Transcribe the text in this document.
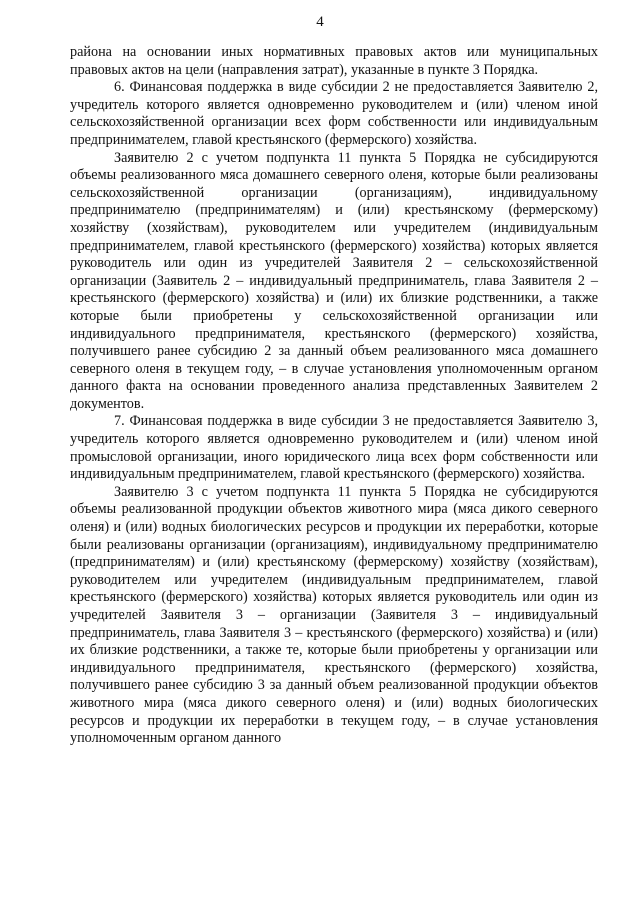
4

района на основании иных нормативных правовых актов или муниципальных правовых актов на цели (направления затрат), указанные в пункте 3 Порядка.

6. Финансовая поддержка в виде субсидии 2 не предоставляется Заявителю 2, учредитель которого является одновременно руководителем и (или) членом иной сельскохозяйственной организации всех форм собственности или индивидуальным предпринимателем, главой крестьянского (фермерского) хозяйства.

Заявителю 2 с учетом подпункта 11 пункта 5 Порядка не субсидируются объемы реализованного мяса домашнего северного оленя, которые были реализованы сельскохозяйственной организации (организациям), индивидуальному предпринимателю (предпринимателям) и (или) крестьянскому (фермерскому) хозяйству (хозяйствам), руководителем или учредителем (индивидуальным предпринимателем, главой крестьянского (фермерского) хозяйства) которых является руководитель или один из учредителей Заявителя 2 – сельскохозяйственной организации (Заявитель 2 – индивидуальный предприниматель, глава Заявителя 2 – крестьянского (фермерского) хозяйства) и (или) их близкие родственники, а также которые были приобретены у сельскохозяйственной организации или индивидуального предпринимателя, крестьянского (фермерского) хозяйства, получившего ранее субсидию 2 за данный объем реализованного мяса домашнего северного оленя в текущем году, – в случае установления уполномоченным органом данного факта на основании проведенного анализа представленных Заявителем 2 документов.

7. Финансовая поддержка в виде субсидии 3 не предоставляется Заявителю 3, учредитель которого является одновременно руководителем и (или) членом иной промысловой организации, иного юридического лица всех форм собственности или индивидуальным предпринимателем, главой крестьянского (фермерского) хозяйства.

Заявителю 3 с учетом подпункта 11 пункта 5 Порядка не субсидируются объемы реализованной продукции объектов животного мира (мяса дикого северного оленя) и (или) водных биологических ресурсов и продукции их переработки, которые были реализованы организации (организациям), индивидуальному предпринимателю (предпринимателям) и (или) крестьянскому (фермерскому) хозяйству (хозяйствам), руководителем или учредителем (индивидуальным предпринимателем, главой крестьянского (фермерского) хозяйства) которых является руководитель или один из учредителей Заявителя 3 – организации (Заявителя 3 – индивидуальный предприниматель, глава Заявителя 3 – крестьянского (фермерского) хозяйства) и (или) их близкие родственники, а также те, которые были приобретены у организации или индивидуального предпринимателя, крестьянского (фермерского) хозяйства, получившего ранее субсидию 3 за данный объем реализованной продукции объектов животного мира (мяса дикого северного оленя) и (или) водных биологических ресурсов и продукции их переработки в текущем году, – в случае установления уполномоченным органом данного
